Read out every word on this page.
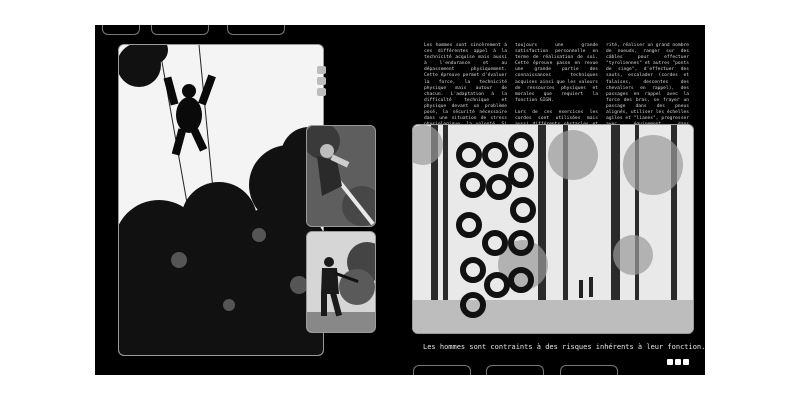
Les hommes sont sincèrement à ces différentes appel à la technicité acquise mais aussi à l'endurance et au dépassement physiquement. Cette épreuve permet d'évaluer la force, la technicité physique mais autour de chacun. L'adaptation à la difficulté technique et physique devant un problème posé, la sécurité nécessaire dans une situation de stress

toujours une grande satisfaction personnelle en terme de réalisation de soi. Cette épreuve passe en revue une grande partie des connaissances techniques acquises ainsi que les valeurs de ressources physiques et morales que requiert la fonction GIGN.

Lors de ces exercices les cordes sont utilisées mais

rité, réaliser un grand nombre de noeuds, ranger sur des câbles pour effectuer "tyroliennes" et autres "ponts de singe", d'effectuer des sauts, escalader (cordes et falaises, descentes des chevaliers en rappel), des passages en rappel avec la force des bras, se frayer un passage dans des pneus alignés, utiliser les échelles agiles et "lianes", progresser

Les hommes sont contraints à des risques inhérents à leur fonction.
